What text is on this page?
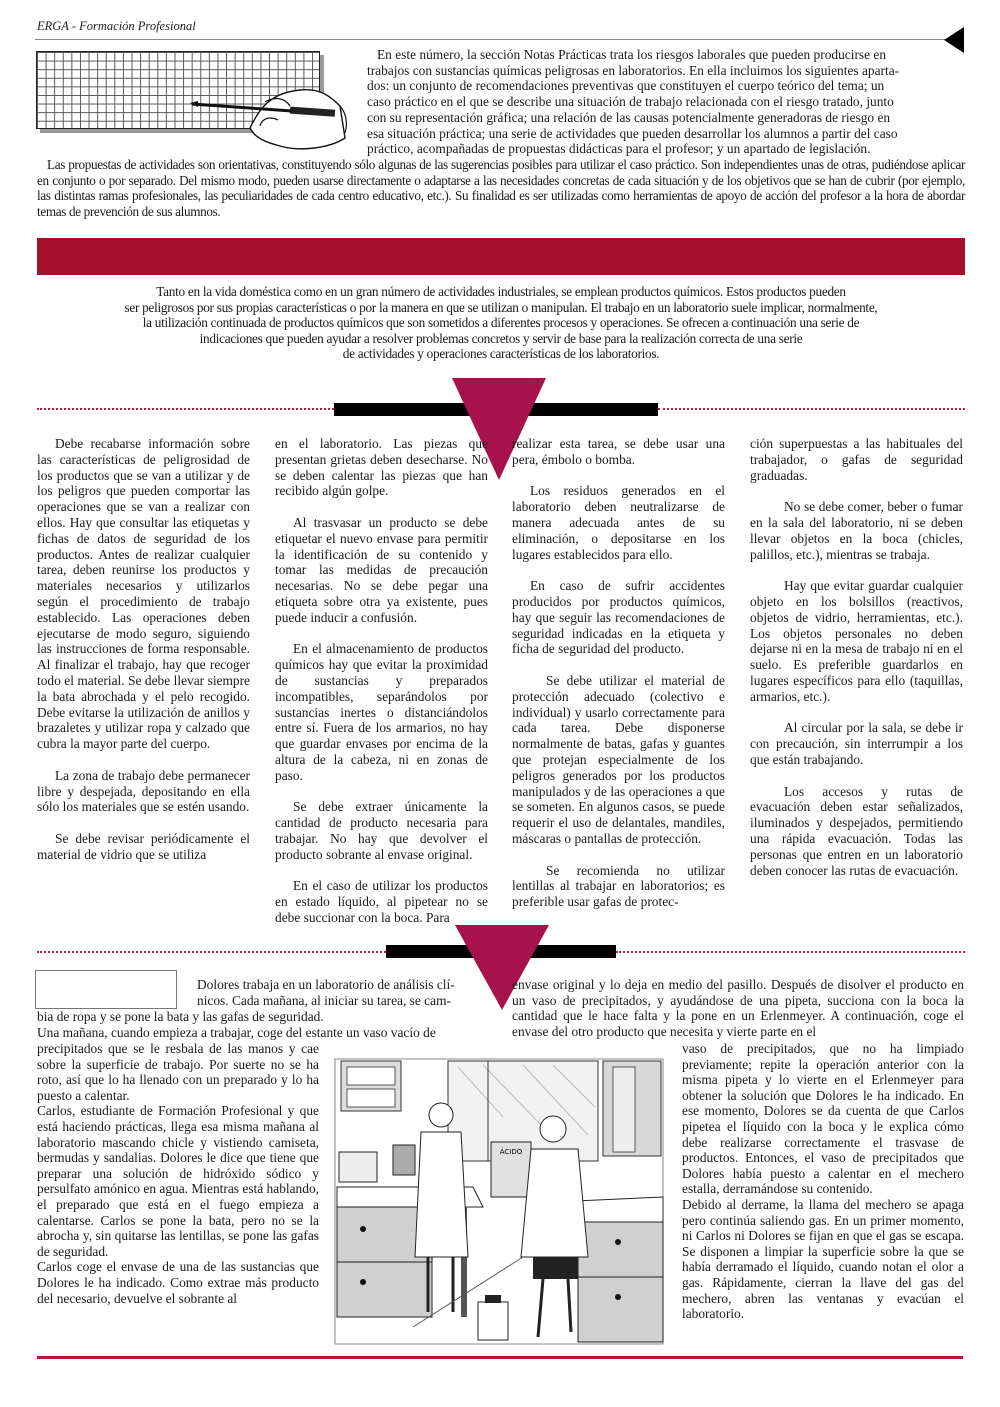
ERGA - Formación Profesional
En este número, la sección Notas Prácticas trata los riesgos laborales que pueden producirse en
trabajos con sustancias químicas peligrosas en laboratorios. En ella incluimos los siguientes aparta-
dos: un conjunto de recomendaciones preventivas que constituyen el cuerpo teórico del tema; un
caso práctico en el que se describe una situación de trabajo relacionada con el riesgo tratado, junto
con su representación gráfica; una relación de las causas potencialmente generadoras de riesgo en
esa situación práctica; una serie de actividades que pueden desarrollar los alumnos a partir del caso
práctico, acompañadas de propuestas didácticas para el profesor; y un apartado de legislación.

Las propuestas de actividades son orientativas, constituyendo sólo algunas de las sugerencias posibles para utilizar el caso práctico. Son independientes unas de otras, pudiéndose aplicar en conjunto o por separado. Del mismo modo, pueden usarse directamente o adaptarse a las necesidades concretas de cada situación y de los objetivos que se han de cubrir (por ejemplo, las distintas ramas profesionales, las peculiaridades de cada centro educativo, etc.). Su finalidad es ser utilizadas como herramientas de apoyo de acción del profesor a la hora de abordar temas de prevención de sus alumnos.

Tanto en la vida doméstica como en un gran número de actividades industriales, se emplean productos químicos. Estos productos pueden
ser peligrosos por sus propias características o por la manera en que se utilizan o manipulan. El trabajo en un laboratorio suele implicar, normalmente,
la utilización continuada de productos químicos que son sometidos a diferentes procesos y operaciones. Se ofrecen a continuación una serie de
indicaciones que pueden ayudar a resolver problemas concretos y servir de base para la realización correcta de una serie
de actividades y operaciones características de los laboratorios.

Debe recabarse información sobre las características de peligrosidad de los productos que se van a utilizar y de los peligros que pueden comportar las operaciones que se van a realizar con ellos. Hay que consultar las etiquetas y fichas de datos de seguridad de los productos. Antes de realizar cualquier tarea, deben reunirse los productos y materiales necesarios y utilizarlos según el procedimiento de trabajo establecido. Las operaciones deben ejecutarse de modo seguro, siguiendo las instrucciones de forma responsable. Al finalizar el trabajo, hay que recoger todo el material. Se debe llevar siempre la bata abrochada y el pelo recogido. Debe evitarse la utilización de anillos y brazaletes y utilizar ropa y calzado que cubra la mayor parte del cuerpo.

La zona de trabajo debe permanecer libre y despejada, depositando en ella sólo los materiales que se estén usando.

Se debe revisar periódicamente el material de vidrio que se utiliza

en el laboratorio. Las piezas que presentan grietas deben desecharse. No se deben calentar las piezas que han recibido algún golpe.

Al trasvasar un producto se debe etiquetar el nuevo envase para permitir la identificación de su contenido y tomar las medidas de precaución necesarias. No se debe pegar una etiqueta sobre otra ya existente, pues puede inducir a confusión.

En el almacenamiento de productos químicos hay que evitar la proximidad de sustancias y preparados incompatibles, separándolos por sustancias inertes o distanciándolos entre sí. Fuera de los armarios, no hay que guardar envases por encima de la altura de la cabeza, ni en zonas de paso.

Se debe extraer únicamente la cantidad de producto necesaria para trabajar. No hay que devolver el producto sobrante al envase original.

En el caso de utilizar los productos en estado líquido, al pipetear no se debe succionar con la boca. Para

realizar esta tarea, se debe usar una pera, émbolo o bomba.

Los residuos generados en el laboratorio deben neutralizarse de manera adecuada antes de su eliminación, o depositarse en los lugares establecidos para ello.

En caso de sufrir accidentes producidos por productos químicos, hay que seguir las recomendaciones de seguridad indicadas en la etiqueta y ficha de seguridad del producto.

Se debe utilizar el material de protección adecuado (colectivo e individual) y usarlo correctamente para cada tarea. Debe disponerse normalmente de batas, gafas y guantes que protejan especialmente de los peligros generados por los productos manipulados y de las operaciones a que se someten. En algunos casos, se puede requerir el uso de delantales, mandiles, máscaras o pantallas de protección.

Se recomienda no utilizar lentillas al trabajar en laboratorios; es preferible usar gafas de protec-

ción superpuestas a las habituales del trabajador, o gafas de seguridad graduadas.

No se debe comer, beber o fumar en la sala del laboratorio, ni se deben llevar objetos en la boca (chicles, palillos, etc.), mientras se trabaja.

Hay que evitar guardar cualquier objeto en los bolsillos (reactivos, objetos de vidrio, herramientas, etc.). Los objetos personales no deben dejarse ni en la mesa de trabajo ni en el suelo. Es preferible guardarlos en lugares específicos para ello (taquillas, armarios, etc.).

Al circular por la sala, se debe ir con precaución, sin interrumpir a los que están trabajando.

Los accesos y rutas de evacuación deben estar señalizados, iluminados y despejados, permitiendo una rápida evacuación. Todas las personas que entren en un laboratorio deben conocer las rutas de evacuación.

Dolores trabaja en un laboratorio de análisis clí-
nicos. Cada mañana, al iniciar su tarea, se cam-
bia de ropa y se pone la bata y las gafas de seguridad.
Una mañana, cuando empieza a trabajar, coge del estante un vaso vacío de

precipitados que se le resbala de las manos y cae sobre la superficie de trabajo. Por suerte no se ha roto, así que lo ha llenado con un preparado y lo ha puesto a calentar.

Carlos, estudiante de Formación Profesional y que está haciendo prácticas, llega esa misma mañana al laboratorio mascando chicle y vistiendo camiseta, bermudas y sandalias. Dolores le dice que tiene que preparar una solución de hidróxido sódico y persulfato amónico en agua. Mientras está hablando, el preparado que está en el fuego empieza a calentarse. Carlos se pone la bata, pero no se la abrocha y, sin quitarse las lentillas, se pone las gafas de seguridad.

Carlos coge el envase de una de las sustancias que Dolores le ha indicado. Como extrae más producto del necesario, devuelve el sobrante al

envase original y lo deja en medio del pasillo. Después de disolver el producto en un vaso de precipitados, y ayudándose de una pipeta, succiona con la boca la cantidad que le hace falta y la pone en un Erlenmeyer. A continuación, coge el envase del otro producto que necesita y vierte parte en el

vaso de precipitados, que no ha limpiado previamente; repite la operación anterior con la misma pipeta y lo vierte en el Erlenmeyer para obtener la solución que Dolores le ha indicado. En ese momento, Dolores se da cuenta de que Carlos pipetea el líquido con la boca y le explica cómo debe realizarse correctamente el trasvase de productos. Entonces, el vaso de precipitados que Dolores había puesto a calentar en el mechero estalla, derramándose su contenido.

Debido al derrame, la llama del mechero se apaga pero continúa saliendo gas. En un primer momento, ni Carlos ni Dolores se fijan en que el gas se escapa. Se disponen a limpiar la superficie sobre la que se había derramado el líquido, cuando notan el olor a gas. Rápidamente, cierran la llave del gas del mechero, abren las ventanas y evacúan el laboratorio.

ÁCIDO
